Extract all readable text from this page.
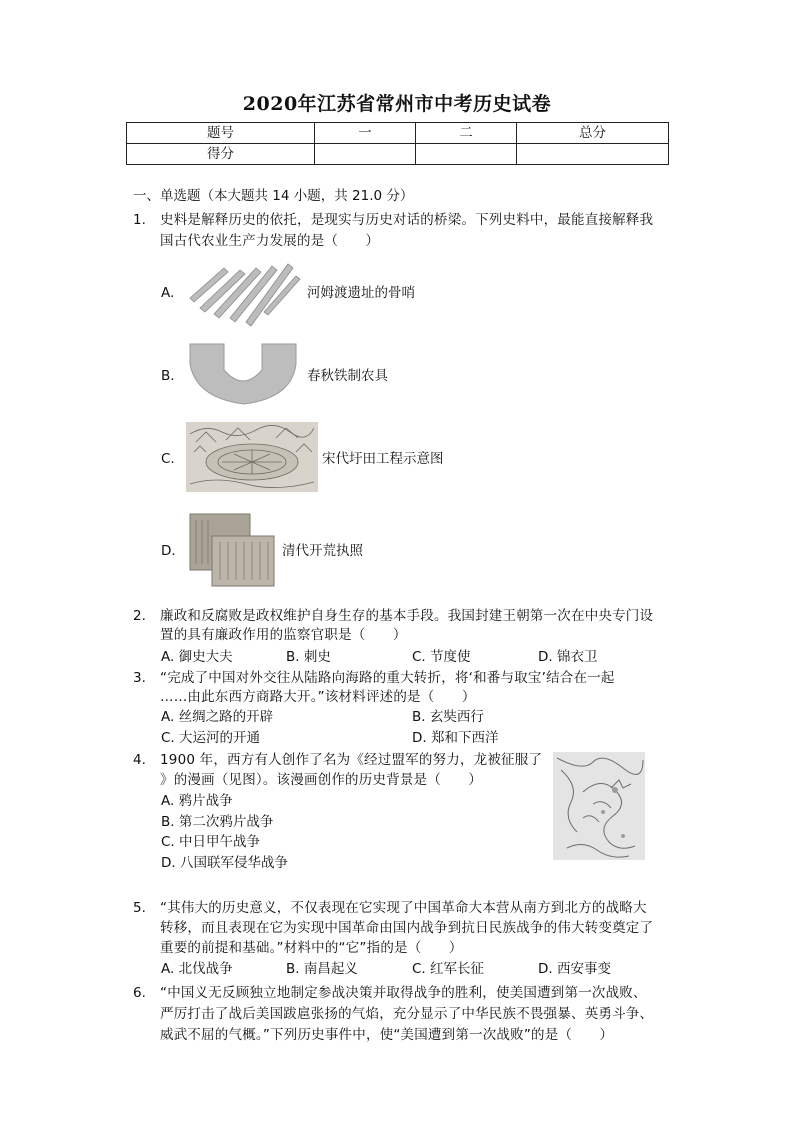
2020年江苏省常州市中考历史试卷
题号	一	二	总分
得分			
一、单选题（本大题共 14 小题，共 21.0 分）
1. 史料是解释历史的依托，是现实与历史对话的桥梁。下列史料中，最能直接解释我
国古代农业生产力发展的是（　　）
A.	河姆渡遗址的骨哨
B.	春秋铁制农具
C.	宋代圩田工程示意图
D.	清代开荒执照
2. 廉政和反腐败是政权维护自身生存的基本手段。我国封建王朝第一次在中央专门设
置的具有廉政作用的监察官职是（　　）
A. 御史大夫	B. 刺史	C. 节度使	D. 锦衣卫
3. “完成了中国对外交往从陆路向海路的重大转折，将‘和番与取宝’结合在一起
……由此东西方商路大开。”该材料评述的是（　　）
A. 丝绸之路的开辟	B. 玄奘西行
C. 大运河的开通	D. 郑和下西洋
4. 1900 年，西方有人创作了名为《经过盟军的努力，龙被征服了
》的漫画（见图）。该漫画创作的历史背景是（　　）
A. 鸦片战争
B. 第二次鸦片战争
C. 中日甲午战争
D. 八国联军侵华战争
5. “其伟大的历史意义，不仅表现在它实现了中国革命大本营从南方到北方的战略大
转移，而且表现在它为实现中国革命由国内战争到抗日民族战争的伟大转变奠定了
重要的前提和基础。”材料中的“它”指的是（　　）
A. 北伐战争	B. 南昌起义	C. 红军长征	D. 西安事变
6. “中国义无反顾独立地制定参战决策并取得战争的胜利，使美国遭到第一次战败、
严厉打击了战后美国跋扈张扬的气焰，充分显示了中华民族不畏强暴、英勇斗争、
威武不屈的气概。”下列历史事件中，使“美国遭到第一次战败”的是（　　）
